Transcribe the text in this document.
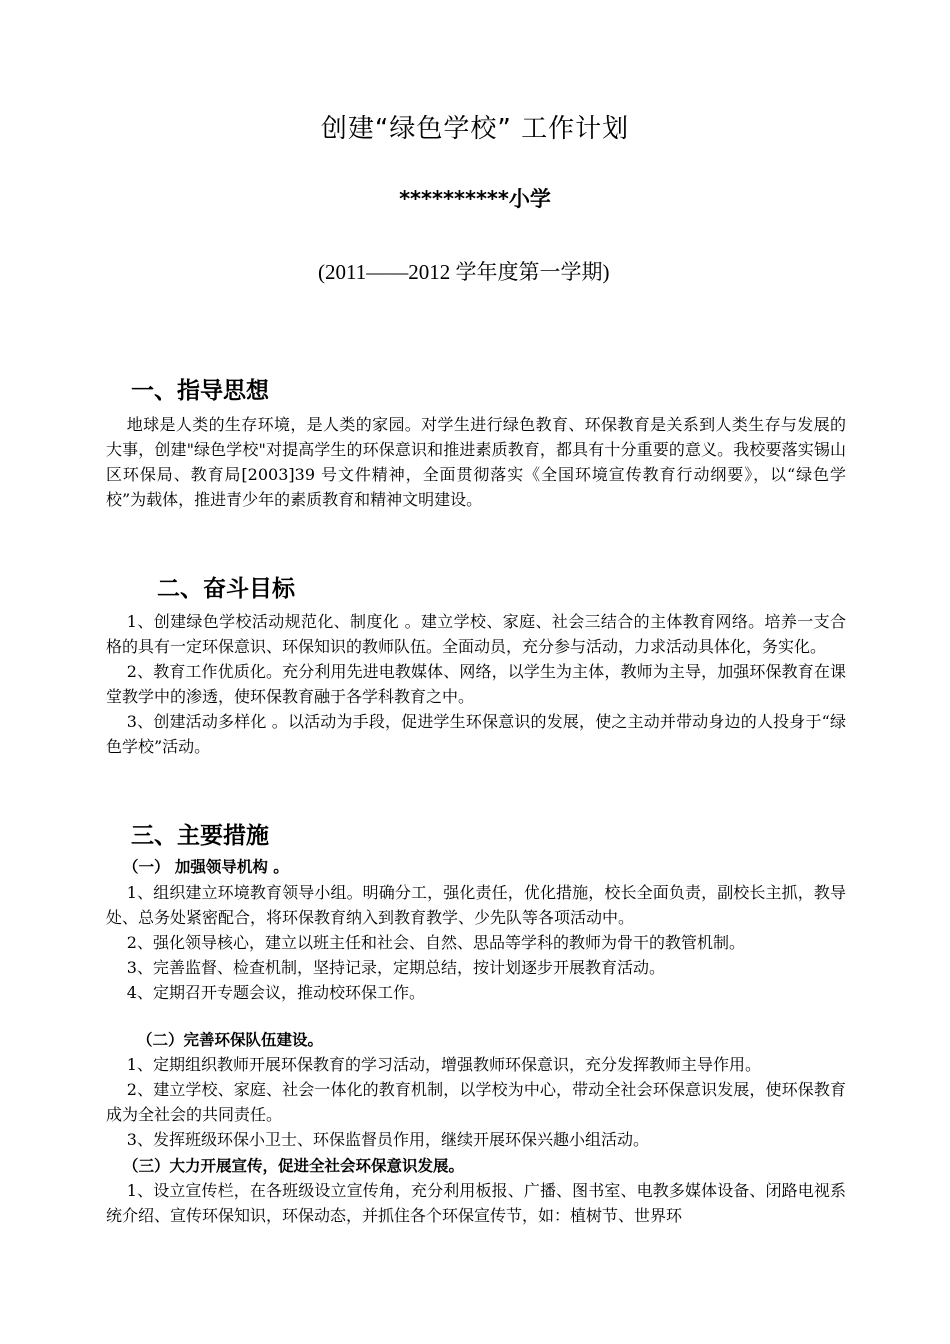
创建“绿色学校” 工作计划
**********小学
(2011——2012 学年度第一学期)
一、指导思想

地球是人类的生存环境，是人类的家园。对学生进行绿色教育、环保教育是关系到人类生存与发展的大事，创建"绿色学校"对提高学生的环保意识和推进素质教育，都具有十分重要的意义。我校要落实锡山区环保局、教育局[2003]39 号文件精神，全面贯彻落实《全国环境宣传教育行动纲要》，以“绿色学校”为载体，推进青少年的素质教育和精神文明建设。

二、奋斗目标

1、创建绿色学校活动规范化、制度化 。建立学校、家庭、社会三结合的主体教育网络。培养一支合格的具有一定环保意识、环保知识的教师队伍。全面动员，充分参与活动，力求活动具体化，务实化。

2、教育工作优质化。充分利用先进电教媒体、网络，以学生为主体，教师为主导，加强环保教育在课堂教学中的渗透，使环保教育融于各学科教育之中。

3、创建活动多样化 。以活动为手段，促进学生环保意识的发展，使之主动并带动身边的人投身于“绿色学校”活动。

三、主要措施
（一） 加强领导机构 。

1、组织建立环境教育领导小组。明确分工，强化责任，优化措施，校长全面负责，副校长主抓，教导处、总务处紧密配合，将环保教育纳入到教育教学、少先队等各项活动中。

2、强化领导核心，建立以班主任和社会、自然、思品等学科的教师为骨干的教管机制。

3、完善监督、检查机制，坚持记录，定期总结，按计划逐步开展教育活动。

4、定期召开专题会议，推动校环保工作。

（二）完善环保队伍建设。

1、定期组织教师开展环保教育的学习活动，增强教师环保意识，充分发挥教师主导作用。

2、建立学校、家庭、社会一体化的教育机制，以学校为中心，带动全社会环保意识发展，使环保教育成为全社会的共同责任。

3、发挥班级环保小卫士、环保监督员作用，继续开展环保兴趣小组活动。

（三）大力开展宣传，促进全社会环保意识发展。

1、设立宣传栏，在各班级设立宣传角，充分利用板报、广播、图书室、电教多媒体设备、闭路电视系统介绍、宣传环保知识，环保动态，并抓住各个环保宣传节，如：植树节、世界环
